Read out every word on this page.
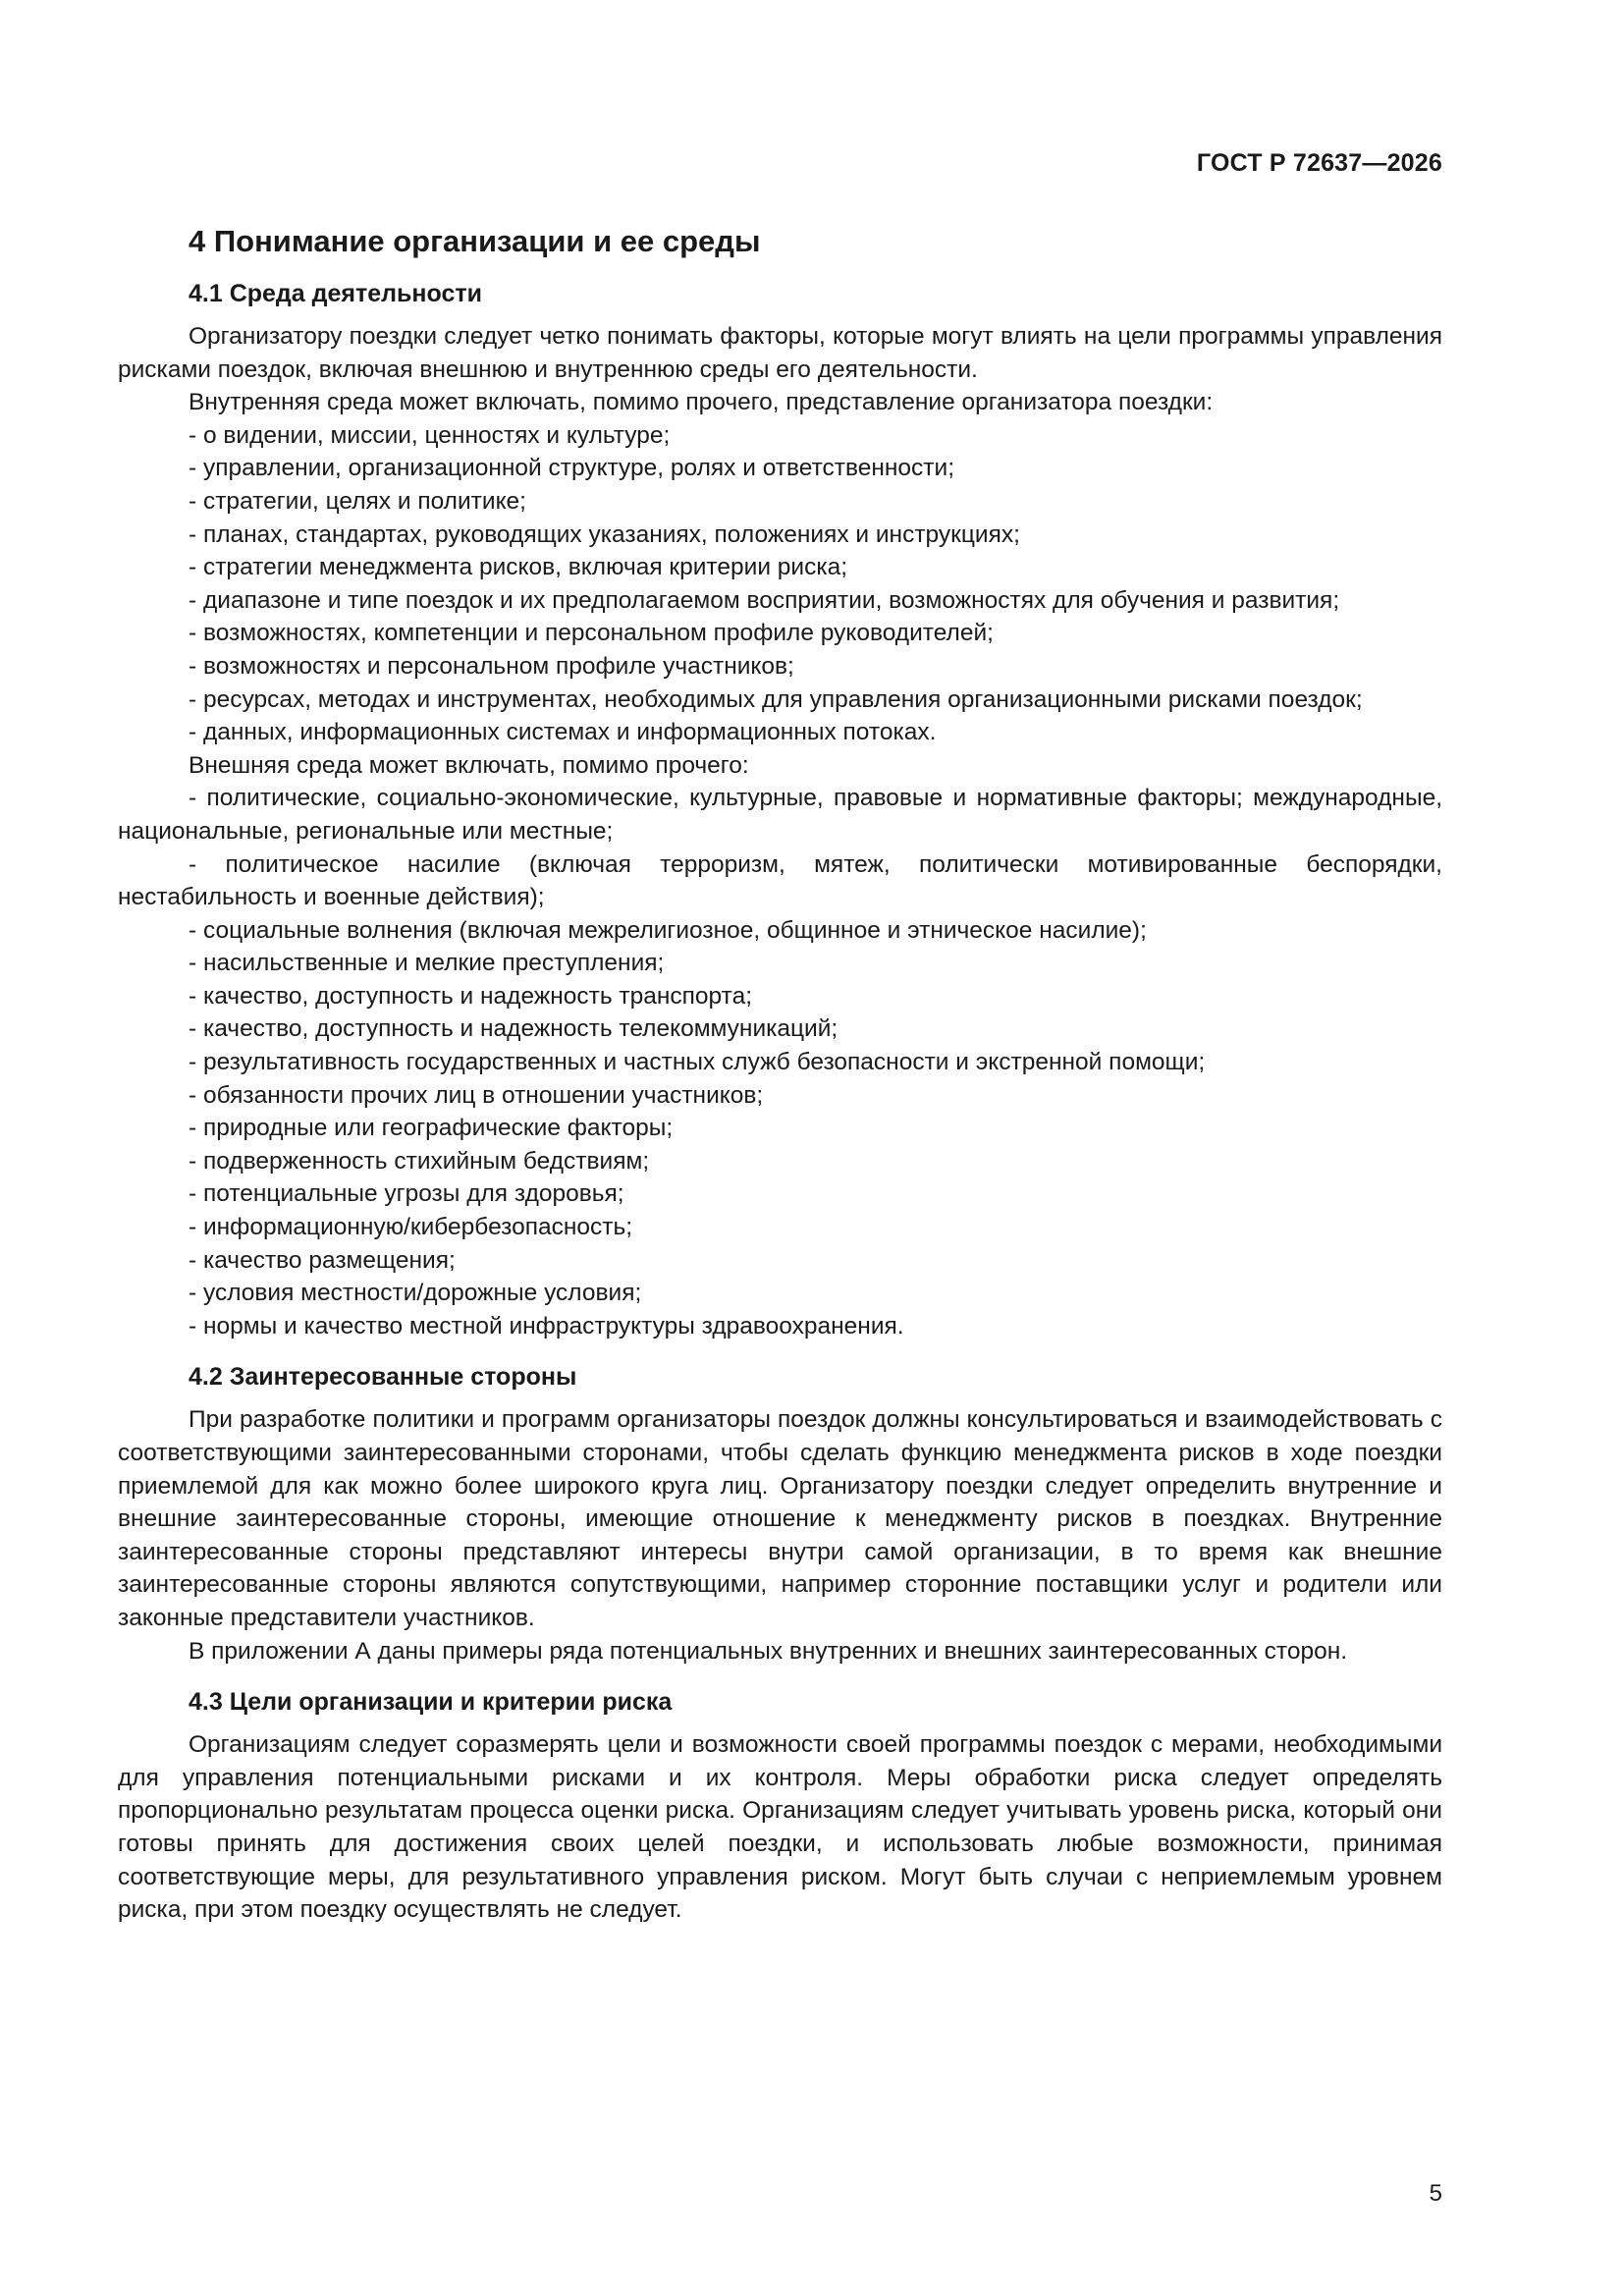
ГОСТ Р 72637—2026
4 Понимание организации и ее среды
4.1 Среда деятельности

Организатору поездки следует четко понимать факторы, которые могут влиять на цели программы управления рисками поездок, включая внешнюю и внутреннюю среды его деятельности.

Внутренняя среда может включать, помимо прочего, представление организатора поездки:

- о видении, миссии, ценностях и культуре;

- управлении, организационной структуре, ролях и ответственности;

- стратегии, целях и политике;

- планах, стандартах, руководящих указаниях, положениях и инструкциях;

- стратегии менеджмента рисков, включая критерии риска;

- диапазоне и типе поездок и их предполагаемом восприятии, возможностях для обучения и развития;

- возможностях, компетенции и персональном профиле руководителей;

- возможностях и персональном профиле участников;

- ресурсах, методах и инструментах, необходимых для управления организационными рисками поездок;

- данных, информационных системах и информационных потоках.

Внешняя среда может включать, помимо прочего:

- политические, социально-экономические, культурные, правовые и нормативные факторы; международные, национальные, региональные или местные;

- политическое насилие (включая терроризм, мятеж, политически мотивированные беспорядки, нестабильность и военные действия);

- социальные волнения (включая межрелигиозное, общинное и этническое насилие);

- насильственные и мелкие преступления;

- качество, доступность и надежность транспорта;

- качество, доступность и надежность телекоммуникаций;

- результативность государственных и частных служб безопасности и экстренной помощи;

- обязанности прочих лиц в отношении участников;

- природные или географические факторы;

- подверженность стихийным бедствиям;

- потенциальные угрозы для здоровья;

- информационную/кибербезопасность;

- качество размещения;

- условия местности/дорожные условия;

- нормы и качество местной инфраструктуры здравоохранения.

4.2 Заинтересованные стороны

При разработке политики и программ организаторы поездок должны консультироваться и взаимодействовать с соответствующими заинтересованными сторонами, чтобы сделать функцию менеджмента рисков в ходе поездки приемлемой для как можно более широкого круга лиц. Организатору поездки следует определить внутренние и внешние заинтересованные стороны, имеющие отношение к менеджменту рисков в поездках. Внутренние заинтересованные стороны представляют интересы внутри самой организации, в то время как внешние заинтересованные стороны являются сопутствующими, например сторонние поставщики услуг и родители или законные представители участников.

В приложении А даны примеры ряда потенциальных внутренних и внешних заинтересованных сторон.

4.3 Цели организации и критерии риска

Организациям следует соразмерять цели и возможности своей программы поездок с мерами, необходимыми для управления потенциальными рисками и их контроля. Меры обработки риска следует определять пропорционально результатам процесса оценки риска. Организациям следует учитывать уровень риска, который они готовы принять для достижения своих целей поездки, и использовать любые возможности, принимая соответствующие меры, для результативного управления риском. Могут быть случаи с неприемлемым уровнем риска, при этом поездку осуществлять не следует.

5
